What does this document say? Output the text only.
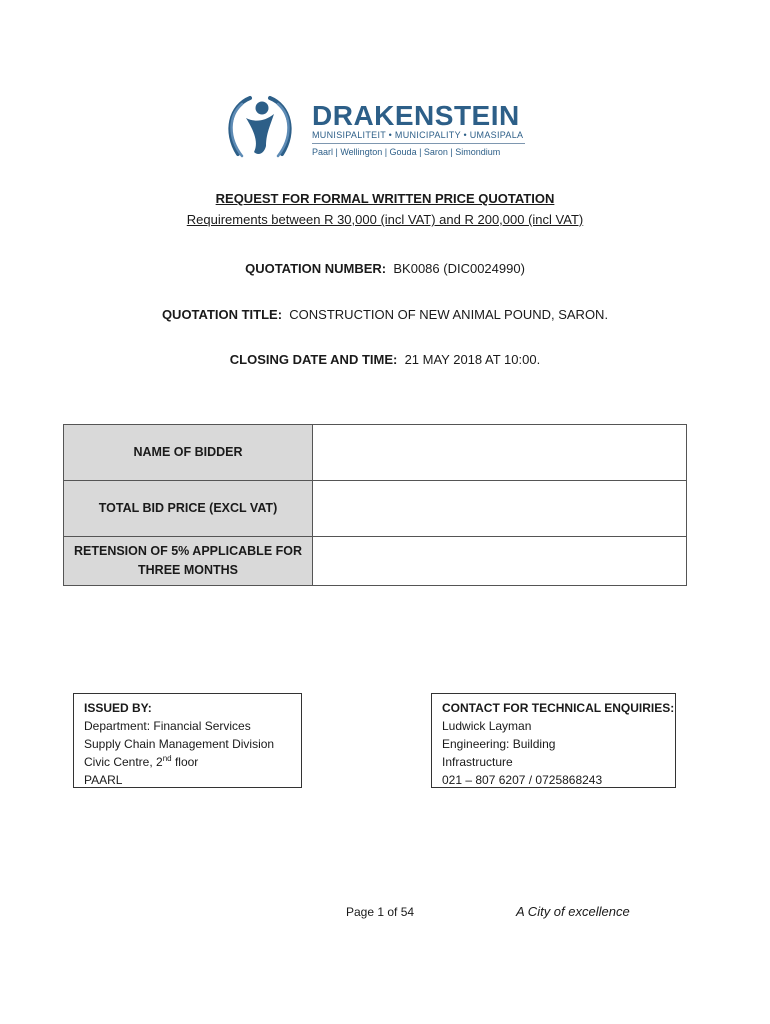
DRAKENSTEIN
MUNISIPALITEIT • MUNICIPALITY • UMASIPALA
Paarl | Wellington | Gouda | Saron | Simondium
REQUEST FOR FORMAL WRITTEN PRICE QUOTATION
Requirements between R 30,000 (incl VAT) and R 200,000 (incl VAT)
QUOTATION NUMBER: BK0086 (DIC0024990)
QUOTATION TITLE: CONSTRUCTION OF NEW ANIMAL POUND, SARON.
CLOSING DATE AND TIME: 21 MAY 2018 AT 10:00.
NAME OF BIDDER	
TOTAL BID PRICE (EXCL VAT)	

RETENSION OF 5% APPLICABLE FOR
THREE MONTHS	

ISSUED BY:
Department: Financial Services
Supply Chain Management Division
Civic Centre, 2nd floor
PAARL
CONTACT FOR TECHNICAL ENQUIRIES:
Ludwick Layman
Engineering: Building
Infrastructure
021 – 807 6207 / 0725868243
Page 1 of 54	A City of excellence
